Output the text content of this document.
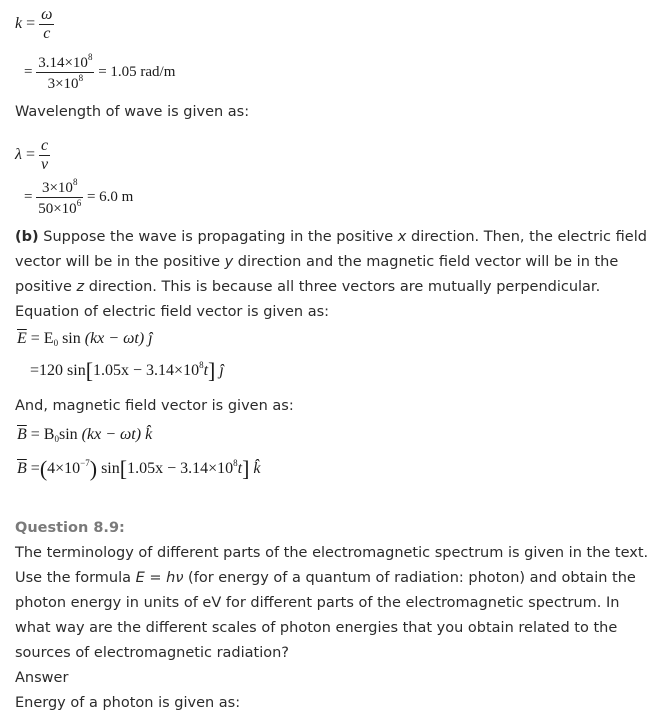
$k = \frac{\omega}{c}$
= $\frac{3.14\times 10^8}{3\times 10^8} = 1.05$ rad/m
Wavelength of wave is given as:
$\lambda = \frac{c}{\nu}$
= $\frac{3\times 10^8}{50\times 10^6} = 6.0$ m
(b) Suppose the wave is propagating in the positive x direction. Then, the electric field vector will be in the positive y direction and the magnetic field vector will be in the positive z direction. This is because all three vectors are mutually perpendicular.
Equation of electric field vector is given as:
$\overline{E} = E_0$ sin (kx − ωt) ĵ
=120 $\sin[1.05x - 3.14\times 10^8t]$ ĵ
And, magnetic field vector is given as:
$\overline{B} = B_0\sin$ (kx − ωt) k̂
$\overline{B} =(4\times 10^{-7}) \sin[1.05x - 3.14\times 10^8t]$ k̂
Question 8.9:
The terminology of different parts of the electromagnetic spectrum is given in the text. Use the formula E = hν (for energy of a quantum of radiation: photon) and obtain the photon energy in units of eV for different parts of the electromagnetic spectrum. In what way are the different scales of photon energies that you obtain related to the sources of electromagnetic radiation?
Answer
Energy of a photon is given as:
